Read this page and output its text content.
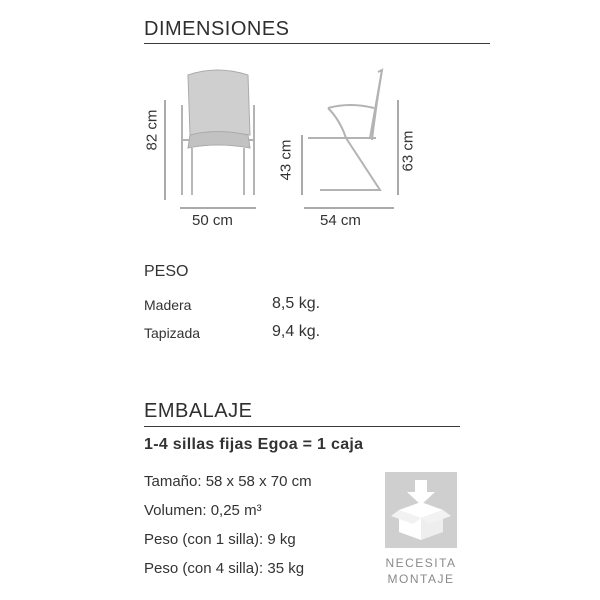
DIMENSIONES
82 cm
50 cm
43 cm	63 cm
54 cm
PESO
Madera	8,5 kg.
Tapizada	9,4 kg.
EMBALAJE
1-4 sillas fijas Egoa = 1 caja
Tamaño: 58 x 58 x 70 cm
Volumen: 0,25 m³
Peso (con 1 silla): 9 kg
Peso (con 4 silla): 35 kg	NECESITA
MONTAJE
